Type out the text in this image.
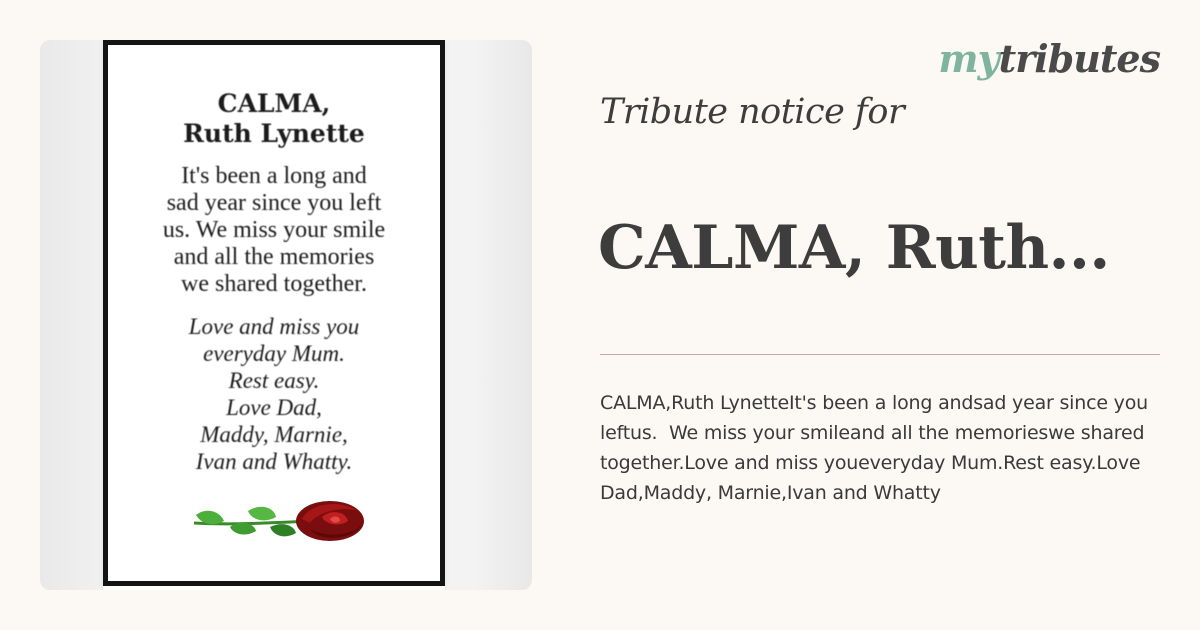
CALMA,
Ruth Lynette
It's been a long and
sad year since you left
us. We miss your smile
and all the memories
we shared together.
Love and miss you
everyday Mum.
Rest easy.
Love Dad,
Maddy, Marnie,
Ivan and Whatty.
mytributes
Tribute notice for
CALMA, Ruth...
CALMA,Ruth LynetteIt's been a long andsad year since you leftus.  We miss your smileand all the memorieswe shared together.Love and miss youeveryday Mum.Rest easy.Love Dad,Maddy, Marnie,Ivan and Whatty
